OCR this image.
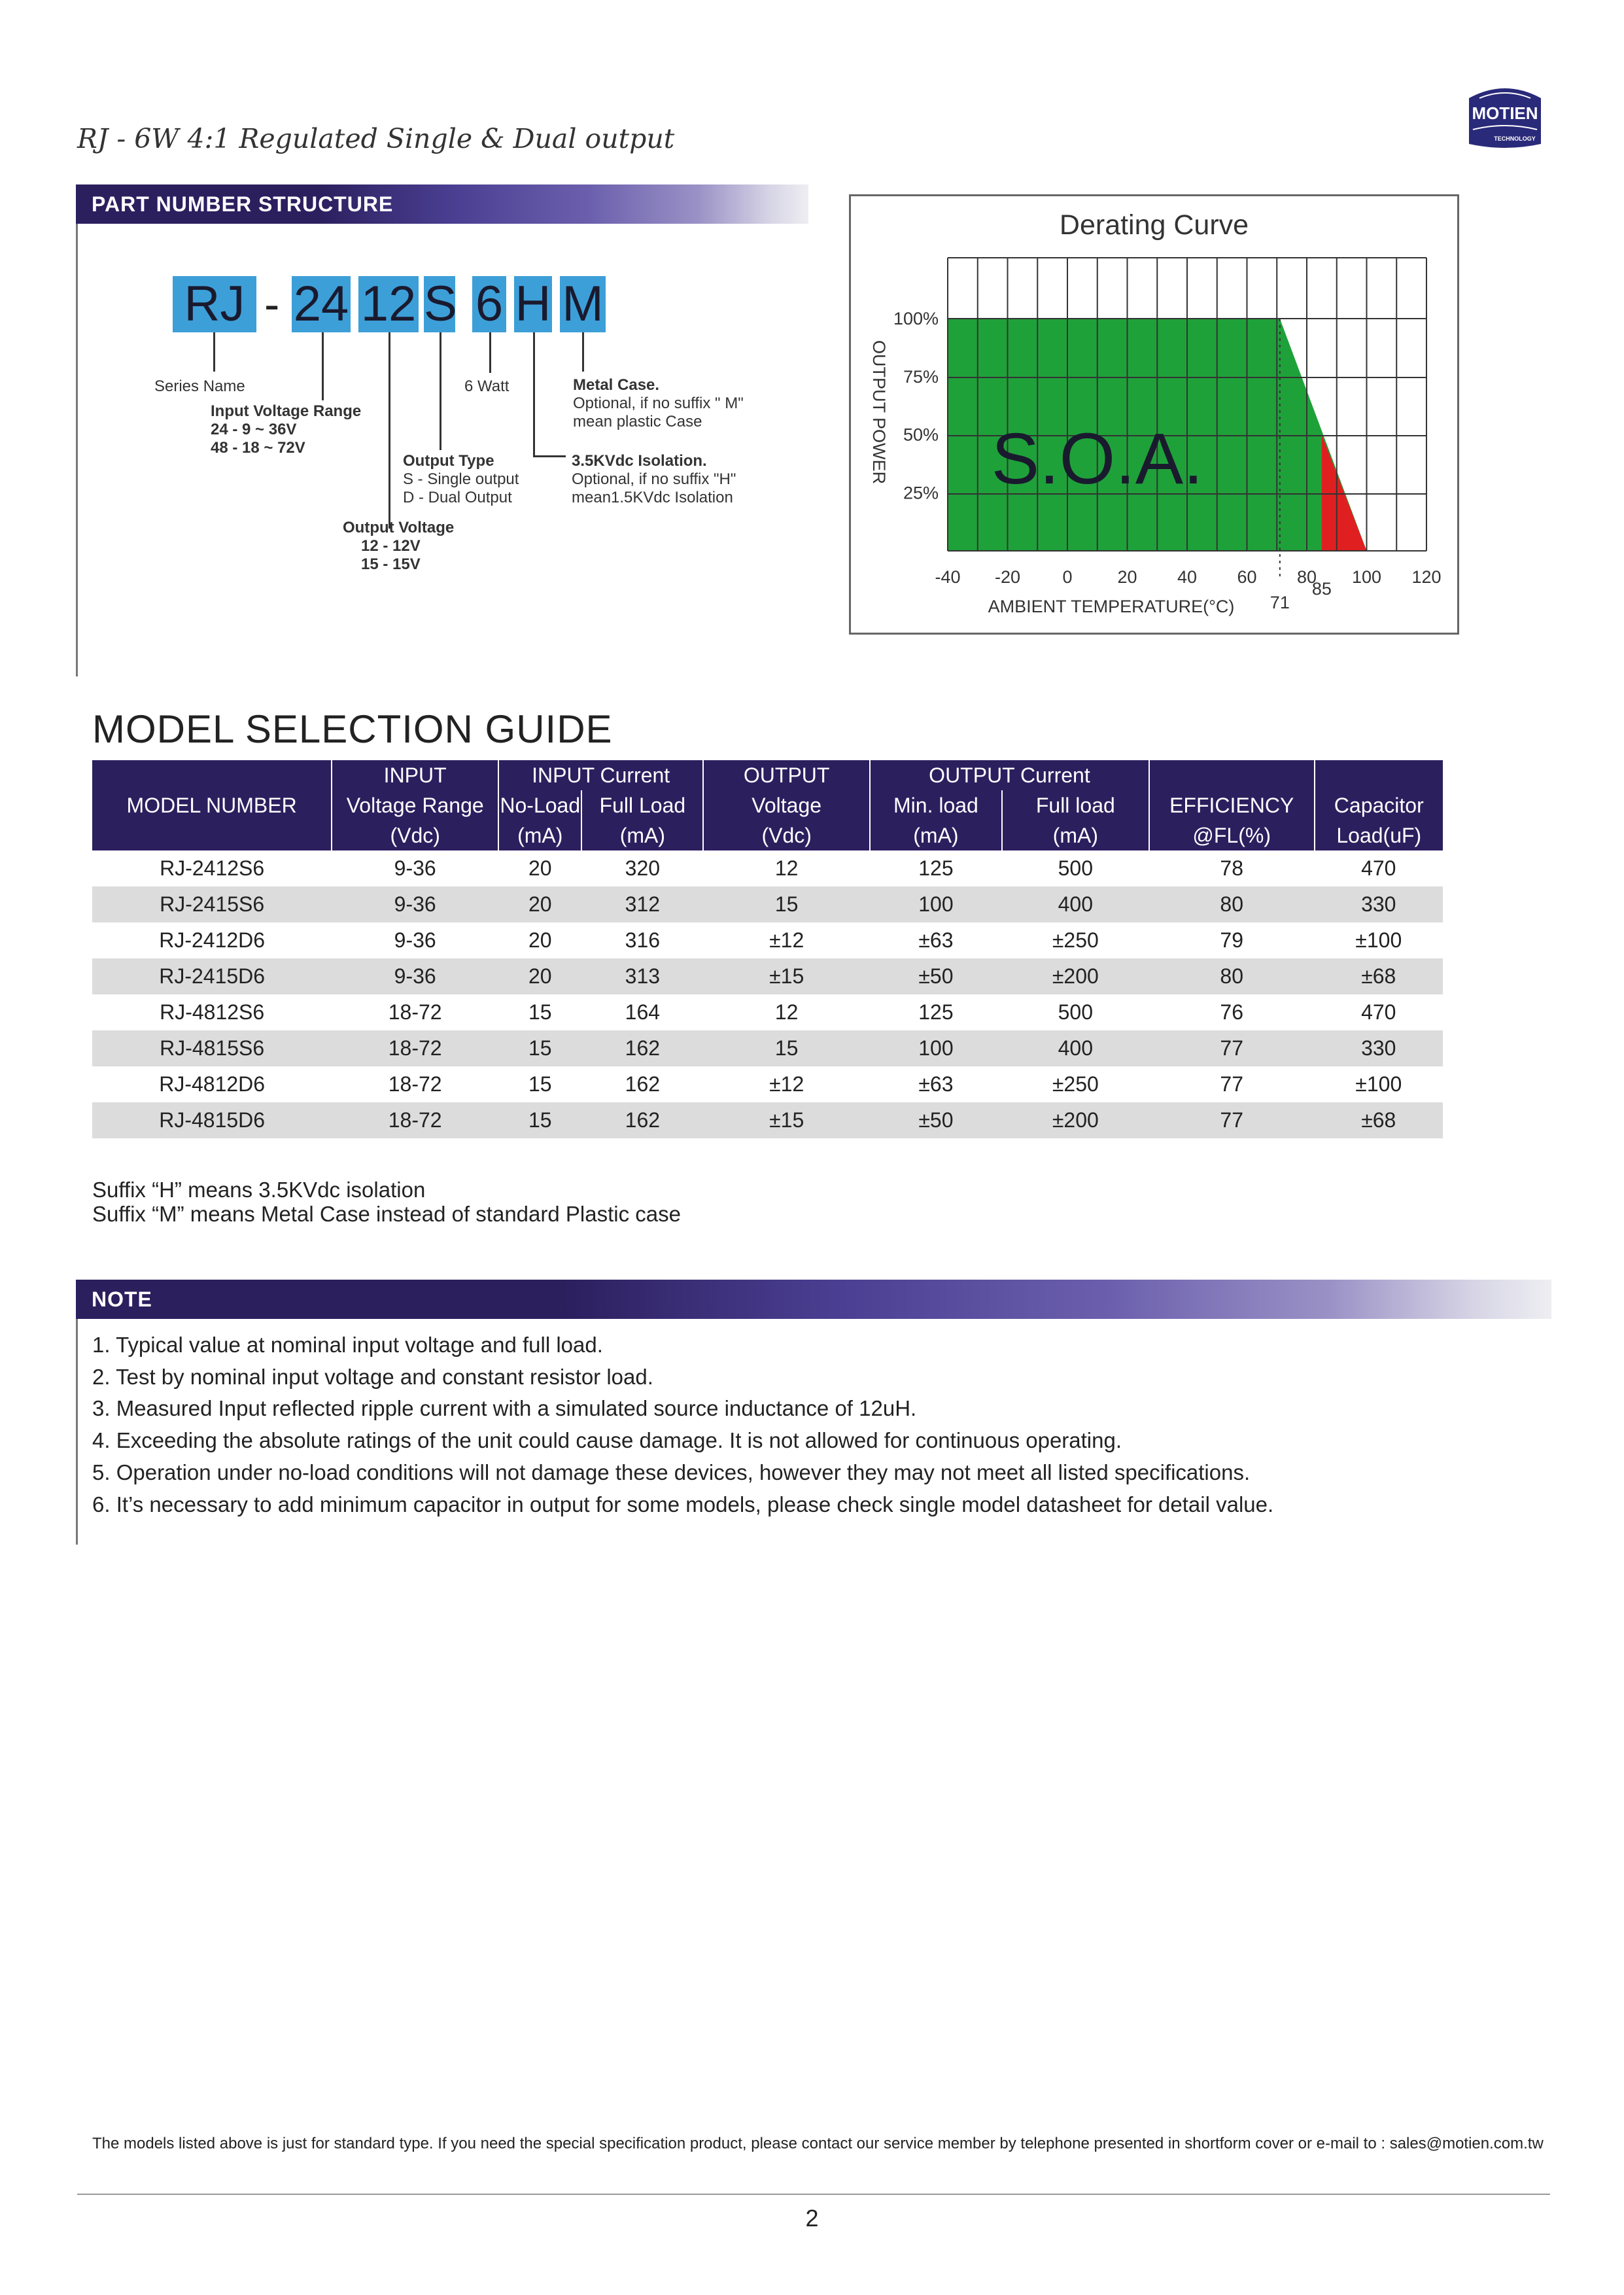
RJ - 6W 4:1 Regulated Single & Dual output
MOTIEN
TECHNOLOGY
PART NUMBER STRUCTURE
RJ - 24 12 S 6 H M
Series Name
Input Voltage Range
24 - 9 ~ 36V
48 - 18 ~ 72V
6 Watt	Metal Case.
Optional, if no suffix " M"
mean plastic Case
Output Type
S - Single output
D - Dual Output
3.5KVdc Isolation.
Optional, if no suffix "H"
mean1.5KVdc Isolation
Output Voltage
12 - 12V
15 - 15V
Derating Curve
-40 -20 0	20 40 60 80 100 120
25%
50%
75%
100%
S.O.A.
71
85
AMBIENT TEMPERATURE(°C)
OUTPUT POWER
MODEL SELECTION GUIDE
	INPUT	INPUT Current		OUTPUT	OUTPUT Current			
MODEL NUMBER	Voltage Range	No-Load	Full Load	Voltage	Min. load	Full load	EFFICIENCY	Capacitor
	(Vdc)	(mA)	(mA)	(Vdc)	(mA)	(mA)	@FL(%)	Load(uF)
RJ-2412S6	9-36	20	320	12	125	500	78	470
RJ-2415S6	9-36	20	312	15	100	400	80	330
RJ-2412D6	9-36	20	316	±12	±63	±250	79	±100
RJ-2415D6	9-36	20	313	±15	±50	±200	80	±68
RJ-4812S6	18-72	15	164	12	125	500	76	470
RJ-4815S6	18-72	15	162	15	100	400	77	330
RJ-4812D6	18-72	15	162	±12	±63	±250	77	±100
RJ-4815D6	18-72	15	162	±15	±50	±200	77	±68
Suffix “H” means 3.5KVdc isolation
Suffix “M” means Metal Case instead of standard Plastic case
NOTE
1. Typical value at nominal input voltage and full load.
2. Test by nominal input voltage and constant resistor load.
3. Measured Input reflected ripple current with a simulated source inductance of 12uH.
4. Exceeding the absolute ratings of the unit could cause damage. It is not allowed for continuous operating.
5. Operation under no-load conditions will not damage these devices, however they may not meet all listed specifications.
6. It’s necessary to add minimum capacitor in output for some models, please check single model datasheet for detail value.
The models listed above is just for standard type. If you need the special specification product, please contact our service member by telephone presented in shortform cover or e-mail to : sales@motien.com.tw
2
